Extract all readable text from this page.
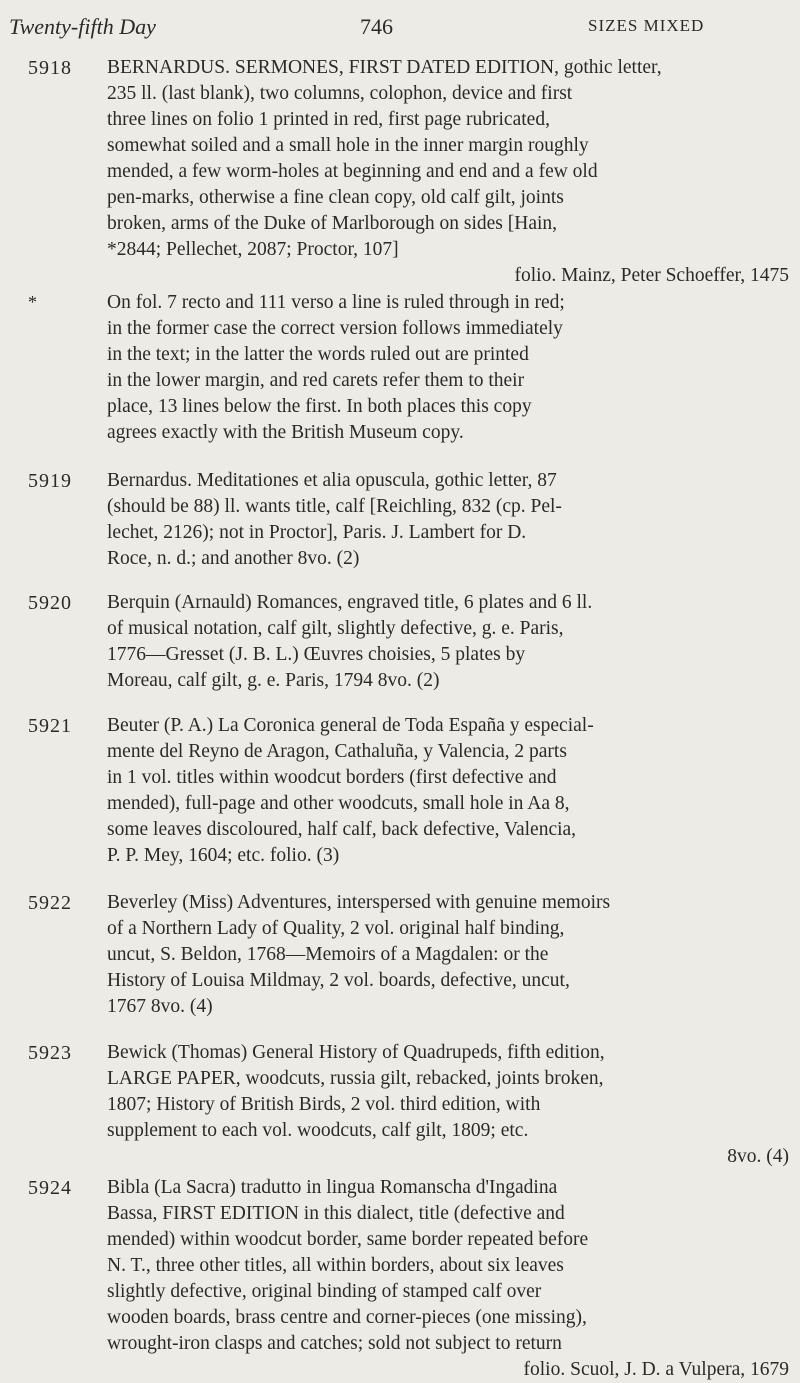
Twenty-fifth Day	746	SIZES MIXED
5918 BERNARDUS. SERMONES, FIRST DATED EDITION, gothic letter,
235 ll. (last blank), two columns, colophon, device and first
three lines on folio 1 printed in red, first page rubricated,
somewhat soiled and a small hole in the inner margin roughly
mended, a few worm-holes at beginning and end and a few old
pen-marks, otherwise a fine clean copy, old calf gilt, joints
broken, arms of the Duke of Marlborough on sides [Hain,
*2844; Pellechet, 2087; Proctor, 107]
folio. Mainz, Peter Schoeffer, 1475
*	On fol. 7 recto and 111 verso a line is ruled through in red;
in the former case the correct version follows immediately
in the text; in the latter the words ruled out are printed
in the lower margin, and red carets refer them to their
place, 13 lines below the first. In both places this copy
agrees exactly with the British Museum copy.
5919 Bernardus. Meditationes et alia opuscula, gothic letter, 87
(should be 88) ll. wants title, calf [Reichling, 832 (cp. Pel-
lechet, 2126); not in Proctor], Paris. J. Lambert for D.
Roce, n. d.; and another 8vo. (2)
5920 Berquin (Arnauld) Romances, engraved title, 6 plates and 6 ll.
of musical notation, calf gilt, slightly defective, g. e. Paris,
1776—Gresset (J. B. L.) Œuvres choisies, 5 plates by
Moreau, calf gilt, g. e. Paris, 1794 8vo. (2)
5921 Beuter (P. A.) La Coronica general de Toda España y especial-
mente del Reyno de Aragon, Cathaluña, y Valencia, 2 parts
in 1 vol. titles within woodcut borders (first defective and
mended), full-page and other woodcuts, small hole in Aa 8,
some leaves discoloured, half calf, back defective, Valencia,
P. P. Mey, 1604; etc. folio. (3)
5922 Beverley (Miss) Adventures, interspersed with genuine memoirs
of a Northern Lady of Quality, 2 vol. original half binding,
uncut, S. Beldon, 1768—Memoirs of a Magdalen: or the
History of Louisa Mildmay, 2 vol. boards, defective, uncut,
1767 8vo. (4)
5923 Bewick (Thomas) General History of Quadrupeds, fifth edition,
LARGE PAPER, woodcuts, russia gilt, rebacked, joints broken,
1807; History of British Birds, 2 vol. third edition, with
supplement to each vol. woodcuts, calf gilt, 1809; etc.
8vo. (4)
5924 Bibla (La Sacra) tradutto in lingua Romanscha d'Ingadina
Bassa, FIRST EDITION in this dialect, title (defective and
mended) within woodcut border, same border repeated before
N. T., three other titles, all within borders, about six leaves
slightly defective, original binding of stamped calf over
wooden boards, brass centre and corner-pieces (one missing),
wrought-iron clasps and catches; sold not subject to return
folio. Scuol, J. D. a Vulpera, 1679
